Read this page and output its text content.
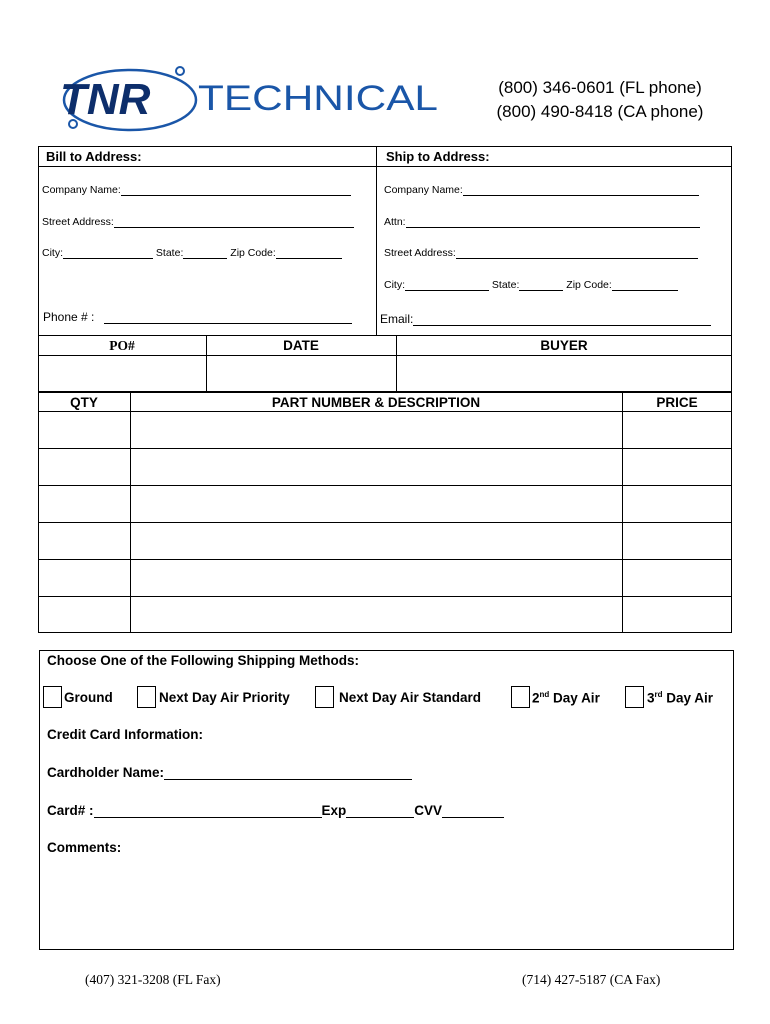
TNR TECHNICAL	(800) 346-0601 (FL phone)
(800) 490-8418 (CA phone)
Bill to Address:	Ship to Address:
Company Name:
Street Address:
City:	State:	Zip Code:
Phone # :
Company Name:
Attn:
Street Address:
City:	State:	Zip Code:
Email:
PO#	DATE	BUYER
QTY	PART NUMBER & DESCRIPTION	PRICE
Choose One of the Following Shipping Methods:
Ground	Next Day Air Priority	Next Day Air Standard	2nd Day Air	3rd Day Air
Credit Card Information:
Cardholder Name:
Card# :	Exp	CVV
Comments:
(407) 321-3208 (FL Fax)	(714) 427-5187 (CA Fax)
